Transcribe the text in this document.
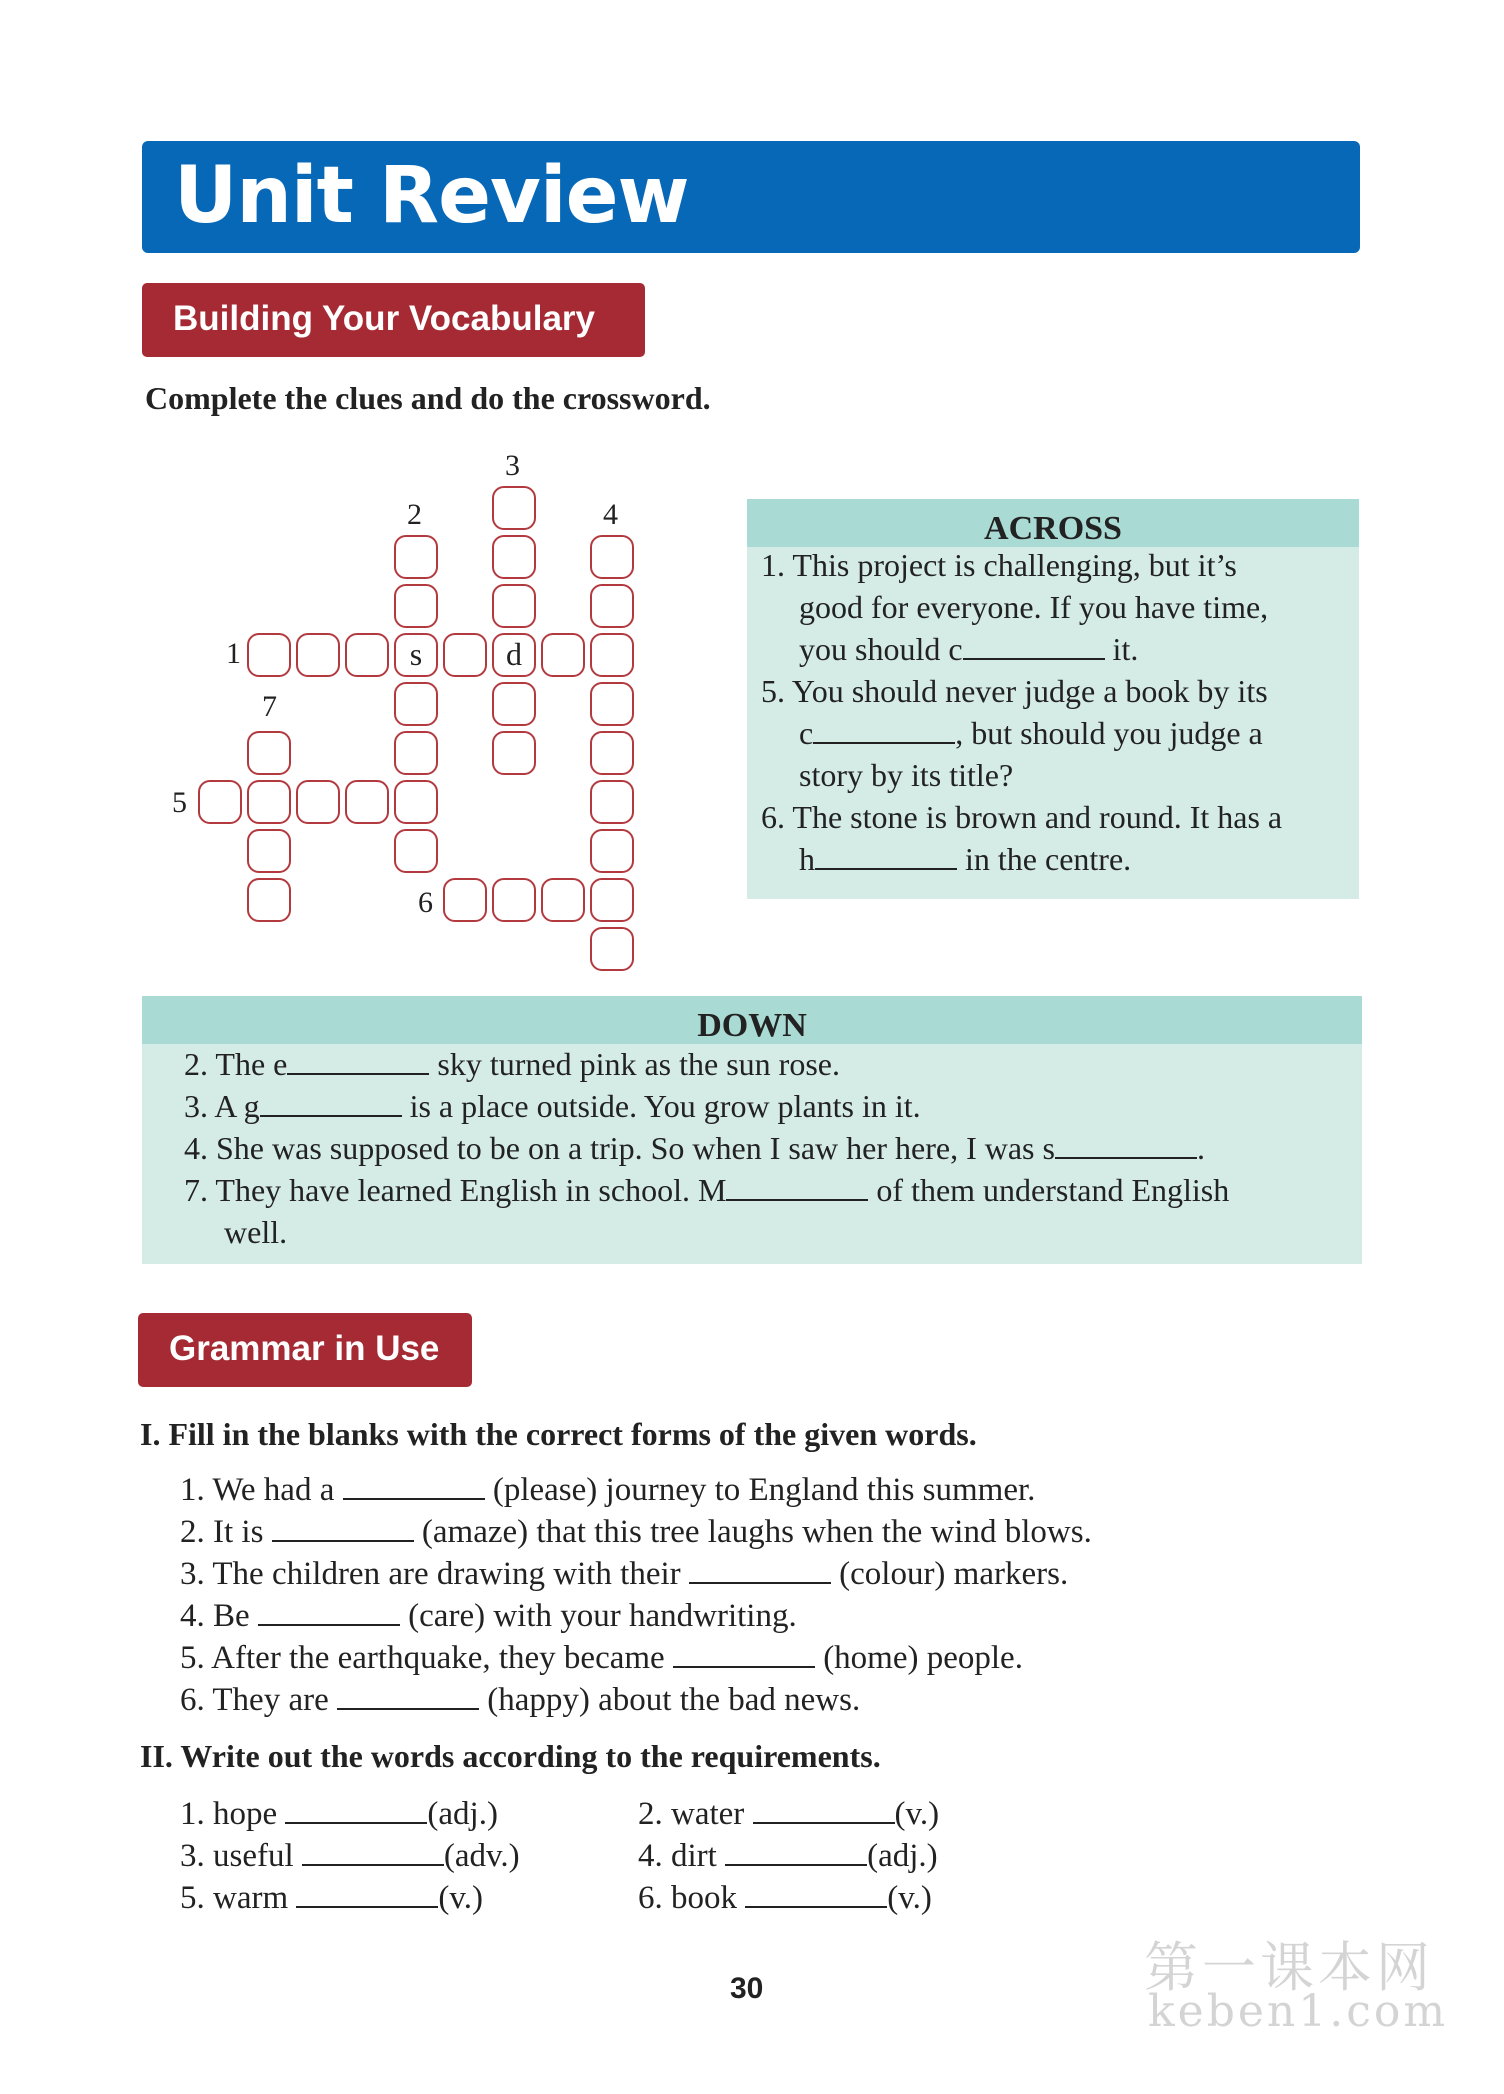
Unit Review
Building Your Vocabulary
Complete the clues and do the crossword.
1
2
3
4
5
6
7
s	d
ACROSS
1. This project is challenging, but it’s
good for everyone. If you have time,
you should c	it.
5. You should never judge a book by its
c	, but should you judge a
story by its title?
6. The stone is brown and round. It has a
h	in the centre.
DOWN
2. The e	sky turned pink as the sun rose.
3. A g	is a place outside. You grow plants in it.
4. She was supposed to be on a trip. So when I saw her here, I was s	.
7. They have learned English in school. M	of them understand English
well.
Grammar in Use
I. Fill in the blanks with the correct forms of the given words.
1. We had a	(please) journey to England this summer.
2. It is	(amaze) that this tree laughs when the wind blows.
3. The children are drawing with their	(colour) markers.
4. Be	(care) with your handwriting.
5. After the earthquake, they became	(home) people.
6. They are	(happy) about the bad news.
II. Write out the words according to the requirements.
1. hope	(adj.)	2. water	(v.)
3. useful	(adv.)	4. dirt	(adj.)
5. warm	(v.)	6. book	(v.)
30	第一课本网
keben1.com
